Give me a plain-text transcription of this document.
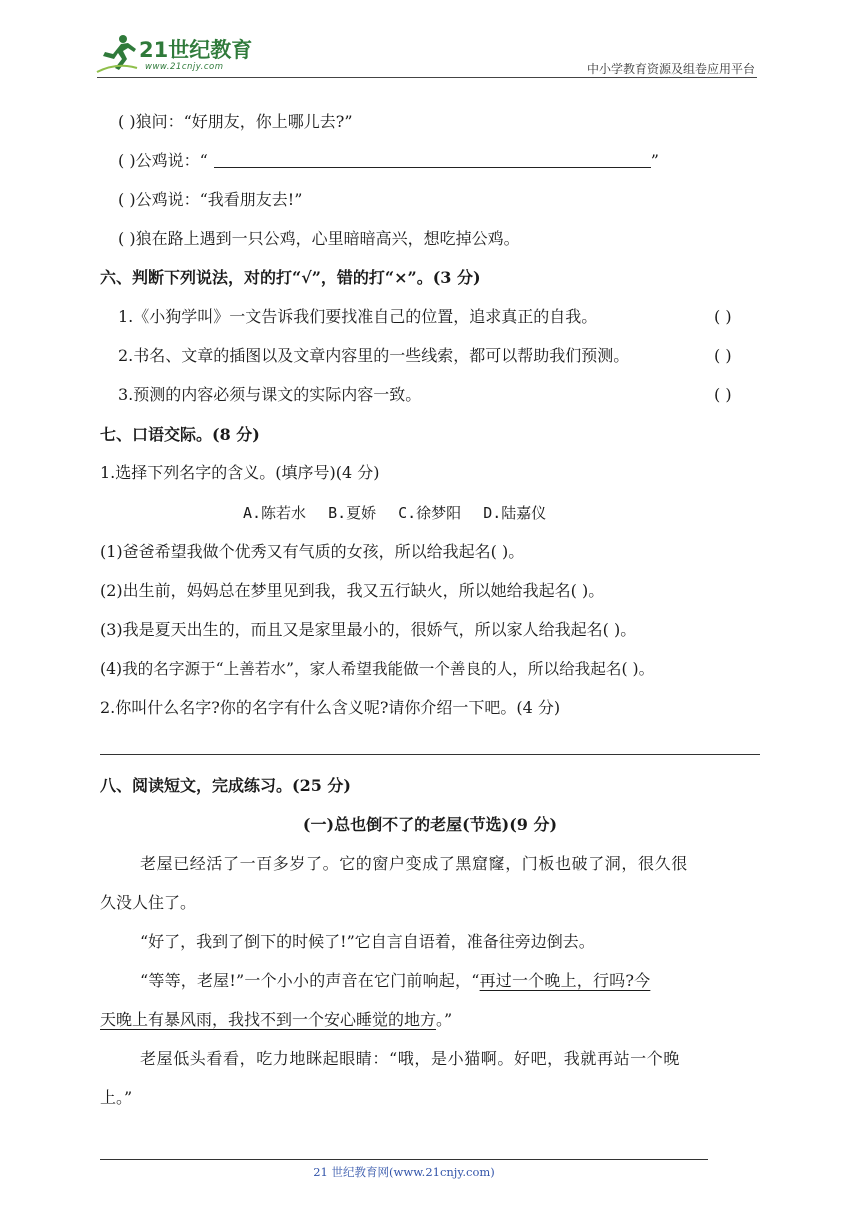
21世纪教育
www.21cnjy.com	中小学教育资源及组卷应用平台
( )狼问：“好朋友，你上哪儿去?”
( )公鸡说：“	”
( )公鸡说：“我看朋友去!”
( )狼在路上遇到一只公鸡，心里暗暗高兴，想吃掉公鸡。
六、判断下列说法，对的打“√”，错的打“×”。(3 分)
1.《小狗学叫》一文告诉我们要找准自己的位置，追求真正的自我。	( )
2.书名、文章的插图以及文章内容里的一些线索，都可以帮助我们预测。	( )
3.预测的内容必须与课文的实际内容一致。	( )
七、口语交际。(8 分)
1.选择下列名字的含义。(填序号)(4 分)
A.陈若水 B.夏娇 C.徐梦阳 D.陆嘉仪
(1)爸爸希望我做个优秀又有气质的女孩，所以给我起名( )。
(2)出生前，妈妈总在梦里见到我，我又五行缺火，所以她给我起名( )。
(3)我是夏天出生的，而且又是家里最小的，很娇气，所以家人给我起名( )。
(4)我的名字源于“上善若水”，家人希望我能做一个善良的人，所以给我起名( )。
2.你叫什么名字?你的名字有什么含义呢?请你介绍一下吧。(4 分)
八、阅读短文，完成练习。(25 分)
(一)总也倒不了的老屋(节选)(9 分)
老屋已经活了一百多岁了。它的窗户变成了黑窟窿，门板也破了洞，很久很
久没人住了。
“好了，我到了倒下的时候了!”它自言自语着，准备往旁边倒去。
“等等，老屋!”一个小小的声音在它门前响起，“再过一个晚上，行吗?今
天晚上有暴风雨，我找不到一个安心睡觉的地方。”
老屋低头看看，吃力地眯起眼睛：“哦，是小猫啊。好吧，我就再站一个晚
上。”
21 世纪教育网(www.21cnjy.com)
